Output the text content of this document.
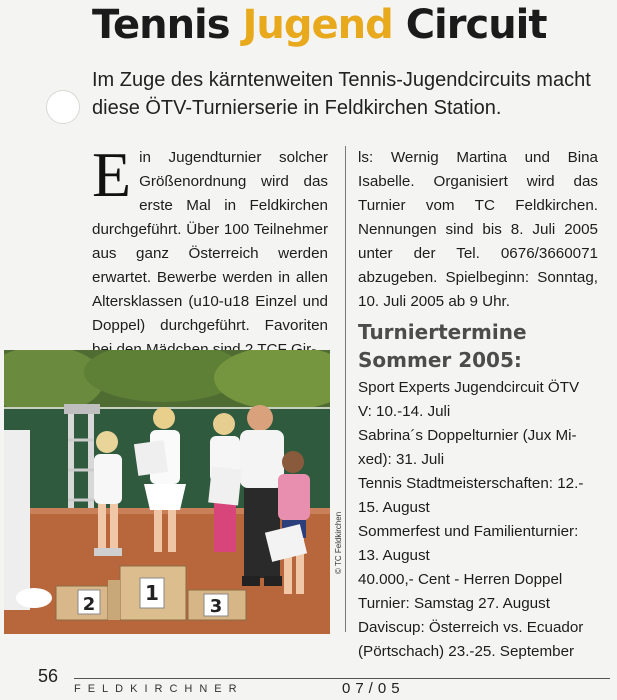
Tennis Jugend Circuit
Im Zuge des kärntenweiten Tennis-Jugendcircuits macht diese ÖTV-Turnierserie in Feldkirchen Station.
Ein Jugendturnier solcher Größenordnung wird das erste Mal in Feldkirchen durchgeführt. Über 100 Teilnehmer aus ganz Österreich werden erwartet. Bewerbe werden in allen Altersklassen (u10-u18 Einzel und Doppel) durchgeführt. Favoriten
ls: Wernig Martina und Bina Isabelle. Organisiert wird das Turnier vom TC Feldkirchen. Nennungen sind bis 8. Juli 2005 unter der Tel. 0676/3660071 abzugeben. Spielbeginn: Sonntag, 10. Juli 2005 ab 9 Uhr.
Turniertermine
Sommer 2005:
Sport Experts Jugendcircuit ÖTV
V: 10.-14. Juli
Sabrina´s Doppelturnier (Jux Mi-
xed): 31. Juli
Tennis Stadtmeisterschaften: 12.-
15. August
Sommerfest und Familienturnier:
13. August
40.000,- Cent - Herren Doppel
Turnier: Samstag 27. August
Daviscup: Österreich vs. Ecuador
(Pörtschach) 23.-25. September
2 1
3
© TC Feldkirchen
56
FELDKIRCHNER	07/05
